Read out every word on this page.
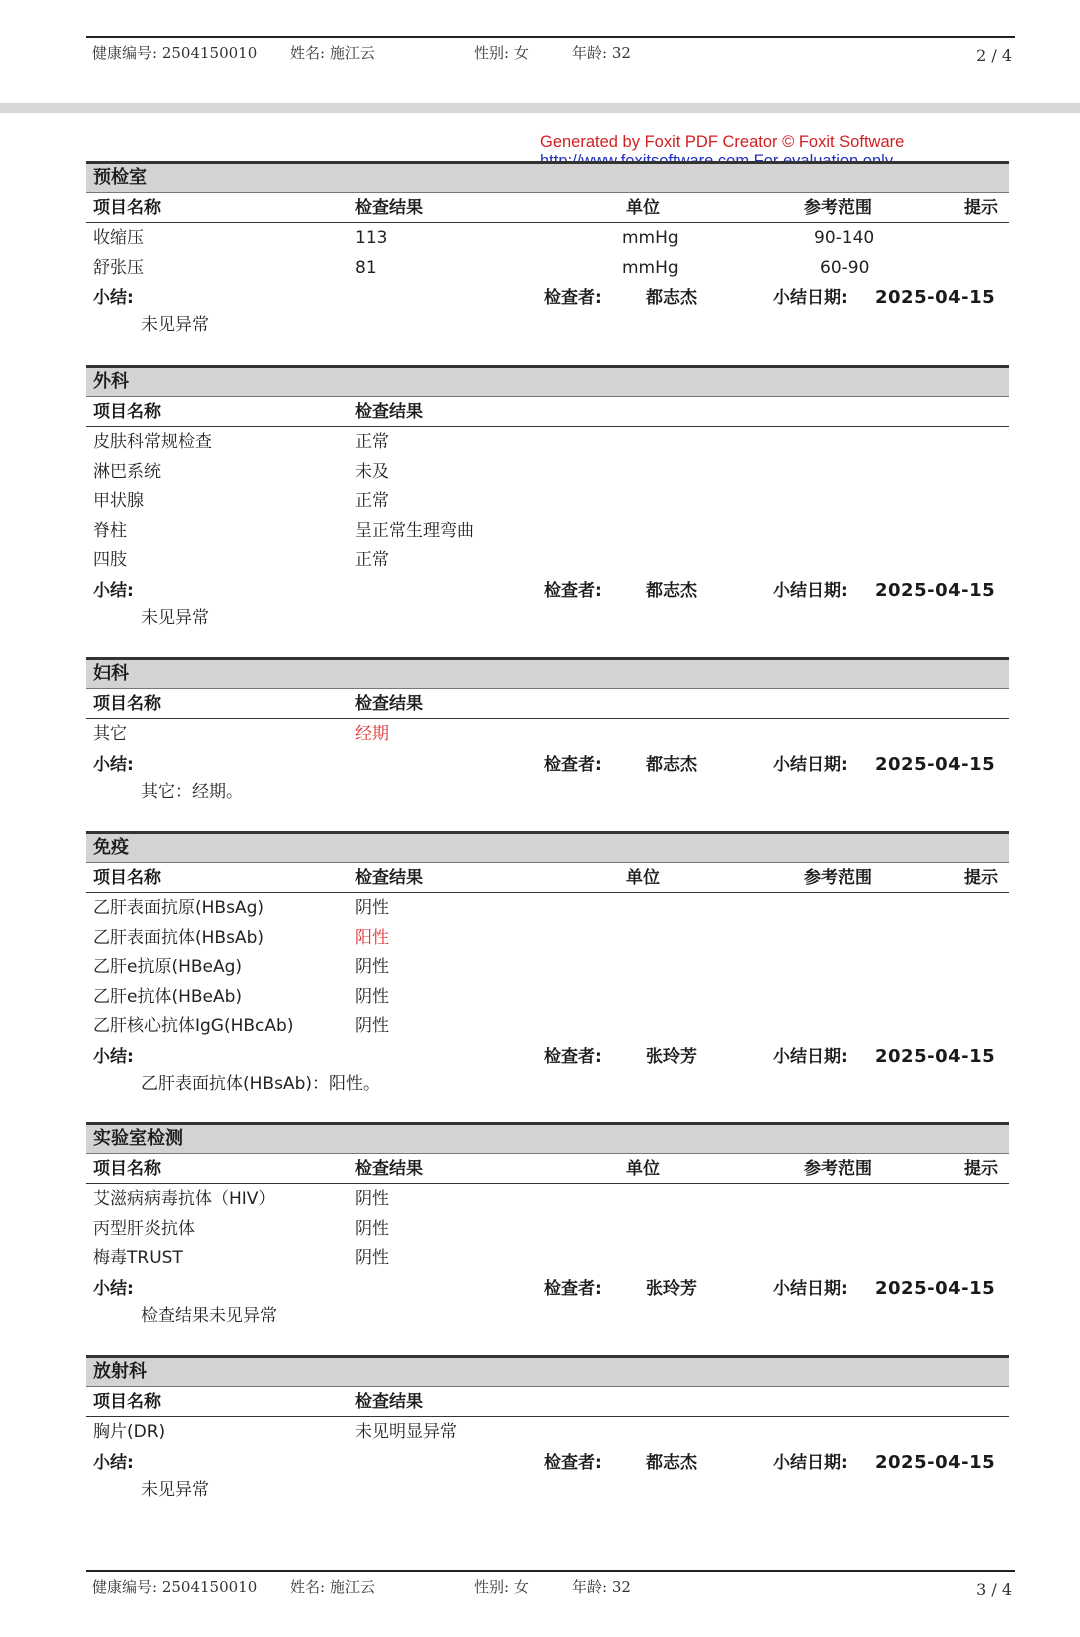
健康编号: 2504150010 姓名: 施江云	性别: 女	年龄: 32	2 / 4
Generated by Foxit PDF Creator © Foxit Software
预检室
项目名称	检查结果	单位	参考范围	提示
收缩压	113	mmHg	90-140
舒张压	81	mmHg	60-90
小结:	检查者:	都志杰	小结日期: 2025-04-15
未见异常
外科
项目名称	检查结果
皮肤科常规检查	正常
淋巴系统	未及
甲状腺	正常
脊柱	呈正常生理弯曲
四肢	正常
小结:	检查者:	都志杰	小结日期: 2025-04-15
未见异常
妇科
项目名称	检查结果
其它	经期
小结:	检查者:	都志杰	小结日期: 2025-04-15
其它：经期。
免疫
项目名称	检查结果	单位	参考范围	提示
乙肝表面抗原(HBsAg)	阴性
乙肝表面抗体(HBsAb)	阳性
乙肝e抗原(HBeAg)	阴性
乙肝e抗体(HBeAb)	阴性
乙肝核心抗体IgG(HBcAb)	阴性
小结:	检查者:	张玲芳	小结日期: 2025-04-15
乙肝表面抗体(HBsAb)：阳性。
实验室检测
项目名称	检查结果	单位	参考范围	提示
艾滋病病毒抗体（HIV）	阴性
丙型肝炎抗体	阴性
梅毒TRUST	阴性
小结:	检查者:	张玲芳	小结日期: 2025-04-15
检查结果未见异常
放射科
项目名称	检查结果
胸片(DR)	未见明显异常
小结:	检查者:	都志杰	小结日期: 2025-04-15
未见异常
健康编号: 2504150010 姓名: 施江云	性别: 女	年龄: 32	3 / 4
